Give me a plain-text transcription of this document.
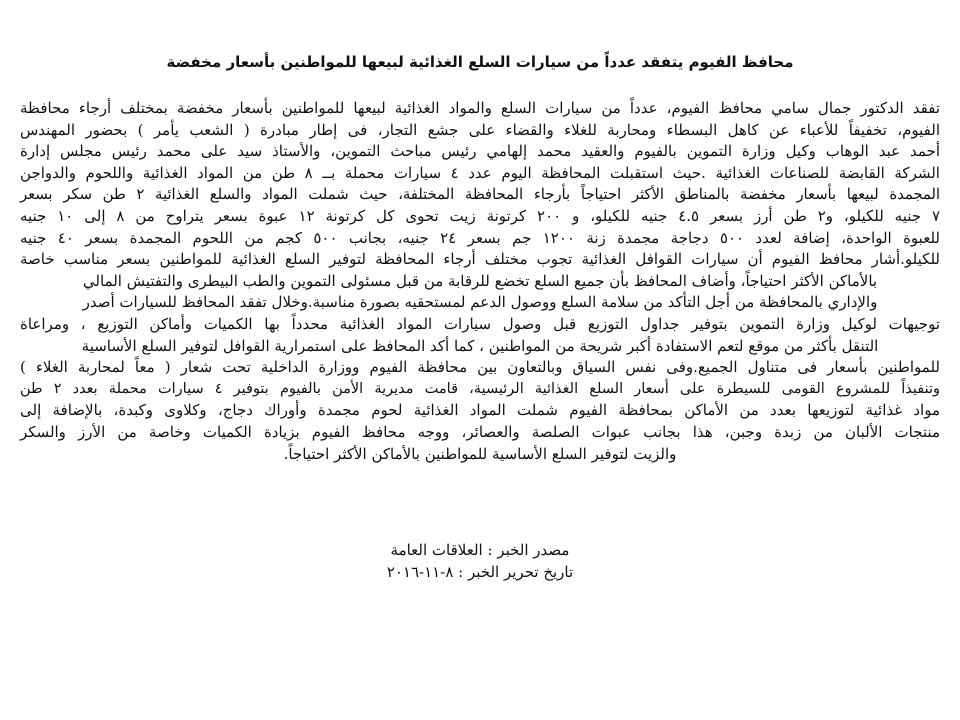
محافظ الفيوم يتفقد عدداً من سيارات السلع الغذائية لبيعها للمواطنين بأسعار مخفضة
تفقد الدكتور جمال سامي محافظ الفيوم، عدداً من سيارات السلع والمواد الغذائية لبيعها للمواطنين بأسعار مخفضة بمختلف أرجاء محافظة
الفيوم، تخفيفاً للأعباء عن كاهل البسطاء ومحاربة للغلاء والقضاء على جشع التجار، فى إطار مبادرة ( الشعب يأمر ) بحضور المهندس
أحمد عبد الوهاب وكيل وزارة التموين بالفيوم والعقيد محمد إلهامي رئيس مباحث التموين، والأستاذ سيد على محمد رئيس مجلس إدارة
الشركة القابضة للصناعات الغذائية .حيث استقبلت المحافظة اليوم عدد ٤ سيارات محملة بــ ٨ طن من المواد الغذائية واللحوم والدواجن
المجمدة لبيعها بأسعار مخفضة بالمناطق الأكثر احتياجاً بأرجاء المحافظة المختلفة، حيث شملت المواد والسلع الغذائية ٢ طن سكر بسعر
٧ جنيه للكيلو، و٢ طن أرز بسعر ٤.٥ جنيه للكيلو، و ٢٠٠ كرتونة زيت تحوى كل كرتونة ١٢ عبوة بسعر يتراوح من ٨ إلى ١٠ جنيه
للعبوة الواحدة، إضافة لعدد ٥٠٠ دجاجة مجمدة زنة ١٢٠٠ جم بسعر ٢٤ جنيه، بجانب ٥٠٠ كجم من اللحوم المجمدة بسعر ٤٠ جنيه
للكيلو.أشار محافظ الفيوم أن سيارات القوافل الغذائية تجوب مختلف أرجاء المحافظة لتوفير السلع الغذائية للمواطنين بسعر مناسب خاصة
بالأماكن الأكثر احتياجاً، وأضاف المحافظ بأن جميع السلع تخضع للرقابة من قبل مسئولى التموين والطب البيطرى والتفتيش المالي
والإداري بالمحافظة من أجل التأكد من سلامة السلع ووصول الدعم لمستحقيه بصورة مناسبة.وخلال تفقد المحافظ للسيارات أصدر
توجيهات لوكيل وزارة التموين بتوفير جداول التوزيع قبل وصول سيارات المواد الغذائية محدداً بها الكميات وأماكن التوزيع ، ومراعاة
التنقل بأكثر من موقع لتعم الاستفادة أكبر شريحة من المواطنين ، كما أكد المحافظ على استمرارية القوافل لتوفير السلع الأساسية
للمواطنين بأسعار فى متناول الجميع.وفى نفس السياق وبالتعاون بين محافظة الفيوم ووزارة الداخلية تحت شعار ( معاً لمحاربة الغلاء )
وتنفيذاً للمشروع القومى للسيطرة على أسعار السلع الغذائية الرئيسية، قامت مديرية الأمن بالفيوم بتوفير ٤ سيارات محملة بعدد ٢ طن
مواد غذائية لتوزيعها بعدد من الأماكن بمحافظة الفيوم شملت المواد الغذائية لحوم مجمدة وأوراك دجاج، وكلاوى وكبدة، بالإضافة إلى
منتجات الألبان من زبدة وجبن، هذا بجانب عبوات الصلصة والعصائر، ووجه محافظ الفيوم بزيادة الكميات وخاصة من الأرز والسكر
والزيت لتوفير السلع الأساسية للمواطنين بالأماكن الأكثر احتياجاً.
مصدر الخبر : العلاقات العامة
تاريخ تحرير الخبر : ٨-١١-٢٠١٦
